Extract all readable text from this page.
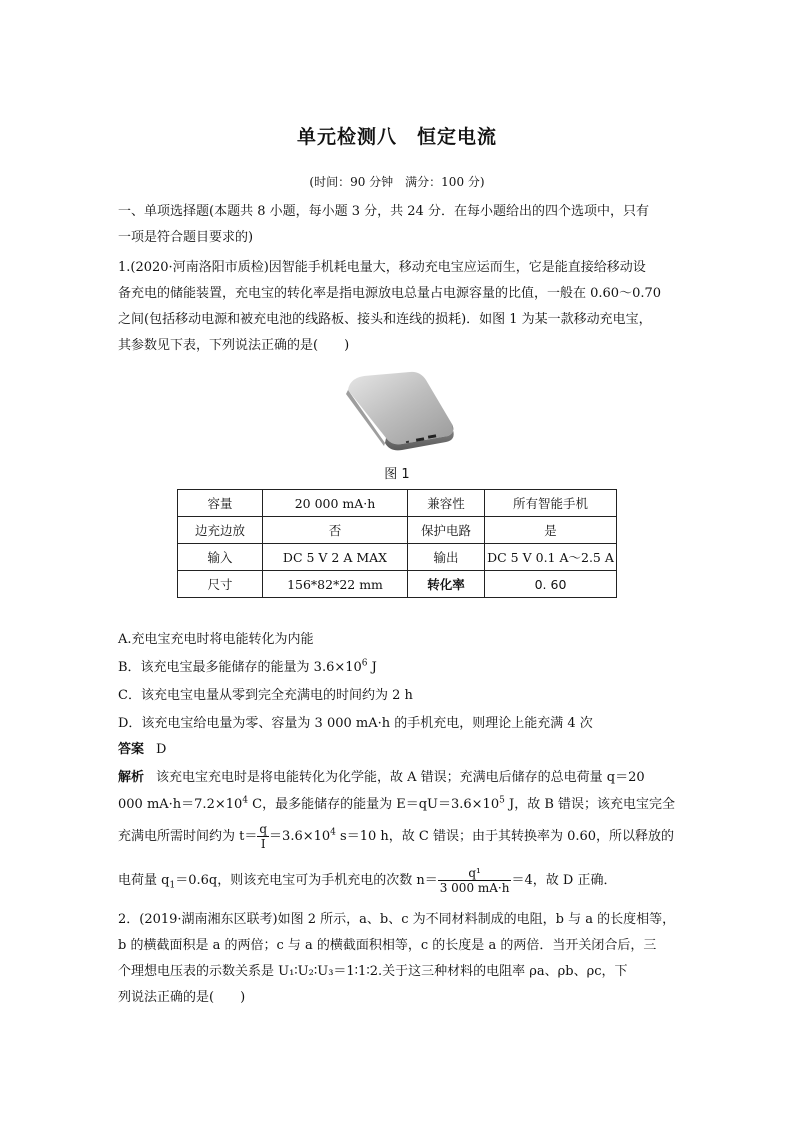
单元检测八　恒定电流
(时间：90 分钟　满分：100 分)
一、单项选择题(本题共 8 小题，每小题 3 分，共 24 分．在每小题给出的四个选项中，只有
一项是符合题目要求的)
1.(2020·河南洛阳市质检)因智能手机耗电量大，移动充电宝应运而生，它是能直接给移动设
备充电的储能装置，充电宝的转化率是指电源放电总量占电源容量的比值，一般在 0.60～0.70
之间(包括移动电源和被充电池的线路板、接头和连线的损耗)．如图 1 为某一款移动充电宝，
其参数见下表，下列说法正确的是(　　)
图 1
容量	20 000 mA·h	兼容性	所有智能手机
边充边放	否	保护电路	是
输入	DC 5 V 2 A MAX	输出	DC 5 V 0.1 A～2.5 A
尺寸	156*82*22 mm	转化率	0. 60
A.充电宝充电时将电能转化为内能
B．该充电宝最多能储存的能量为 $3.6\times 10^6$ J
C．该充电宝电量从零到完全充满电的时间约为 2 h
D．该充电宝给电量为零、容量为 3 000 mA·h 的手机充电，则理论上能充满 4 次
答案 D
解析 该充电宝充电时是将电能转化为化学能，故 A 错误；充满电后储存的总电荷量 q＝20
000 $mA\cdot h=7.2\times 10^4$ C，最多能储存的能量为 $E=qU=3.6\times 10^5$ J，故 B 错误；该充电宝完全
充满电所需时间约为 $t= \frac{q}{I} =3.6\times 10^4$ s＝10 h，故 C 错误；由于其转换率为 0.60，所以释放的
电荷量 $q_1=0.6q$，则该充电宝可为手机充电的次数 $n= \frac{\text{q¹}}{3 000 mA\cdot h} =4$，故 D 正确．
2．(2019·湖南湘东区联考)如图 2 所示，a、b、c 为不同材料制成的电阻，b 与 a 的长度相等，
b 的横截面积是 a 的两倍；c 与 a 的横截面积相等，c 的长度是 a 的两倍．当开关闭合后，三
个理想电压表的示数关系是 U₁∶U₂∶U₃＝1∶1∶2.关于这三种材料的电阻率 ρa、ρb、ρc，下
列说法正确的是(　　)
